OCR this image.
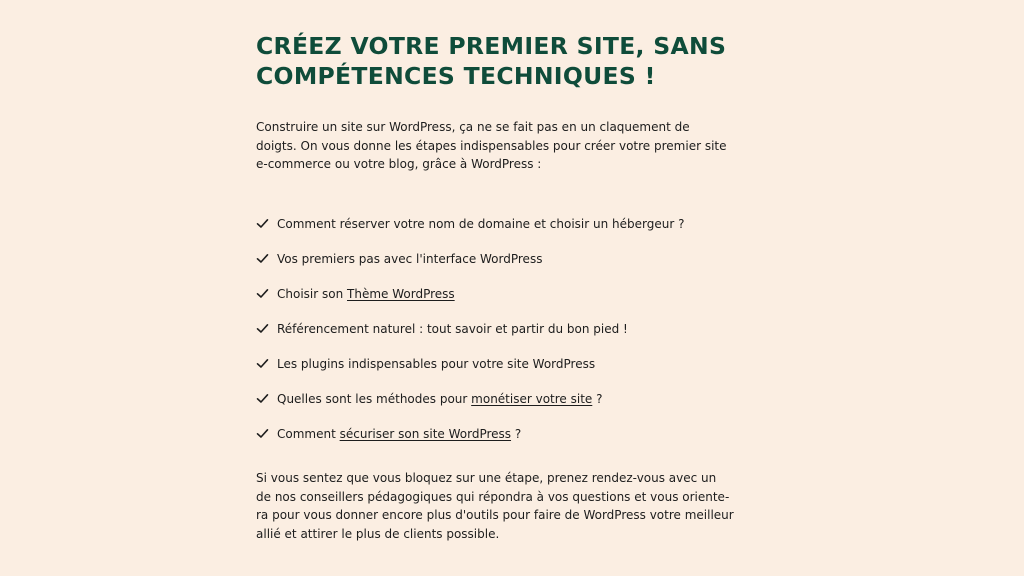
CRÉEZ VOTRE PREMIER SITE, SANS
COMPÉTENCES TECHNIQUES !

Construire un site sur WordPress, ça ne se fait pas en un claquement de
doigts. On vous donne les étapes indispensables pour créer votre premier site
e-commerce ou votre blog, grâce à WordPress :

Comment réserver votre nom de domaine et choisir un hébergeur ?
Vos premiers pas avec l'interface WordPress
Choisir son Thème WordPress
Référencement naturel : tout savoir et partir du bon pied !
Les plugins indispensables pour votre site WordPress
Quelles sont les méthodes pour monétiser votre site ?
Comment sécuriser son site WordPress ?

Si vous sentez que vous bloquez sur une étape, prenez rendez-vous avec un
de nos conseillers pédagogiques qui répondra à vos questions et vous oriente-
ra pour vous donner encore plus d'outils pour faire de WordPress votre meilleur
allié et attirer le plus de clients possible.
